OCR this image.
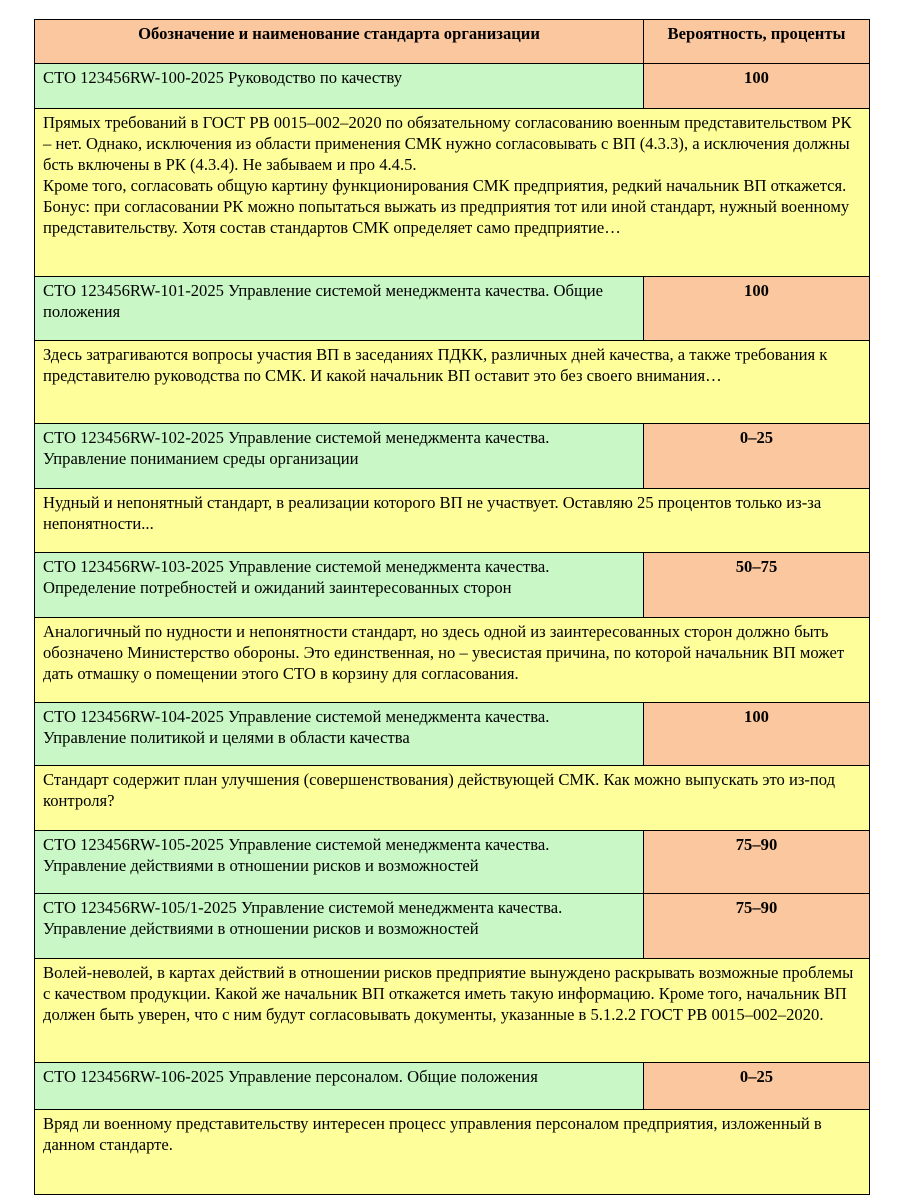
Обозначение и наименование стандарта организации	Вероятность, проценты
СТО 123456RW-100-2025 Руководство по качеству	100
Прямых требований в ГОСТ РВ 0015–002–2020 по обязательному согласованию военным представительством РК – нет. Однако, исключения из области применения СМК нужно согласовывать с ВП (4.3.3), а исключения должны бсть включены в РК (4.3.4). Не забываем и про 4.4.5.
Кроме того, согласовать общую картину функционирования СМК предприятия, редкий начальник ВП откажется. Бонус: при согласовании РК можно попытаться выжать из предприятия тот или иной стандарт, нужный военному представительству. Хотя состав стандартов СМК определяет само предприятие…	
СТО 123456RW-101-2025 Управление системой менеджмента качества. Общие положения	100
Здесь затрагиваются вопросы участия ВП в заседаниях ПДКК, различных дней качества, а также требования к представителю руководства по СМК. И какой начальник ВП оставит это без своего внимания…	
СТО 123456RW-102-2025 Управление системой менеджмента качества. Управление пониманием среды организации	0–25
Нудный и непонятный стандарт, в реализации которого ВП не участвует. Оставляю 25 процентов только из-за непонятности...	
СТО 123456RW-103-2025 Управление системой менеджмента качества. Определение потребностей и ожиданий заинтересованных сторон	50–75
Аналогичный по нудности и непонятности стандарт, но здесь одной из заинтересованных сторон должно быть обозначено Министерство обороны. Это единственная, но – увесистая причина, по которой начальник ВП может дать отмашку о помещении этого СТО в корзину для согласования.	
СТО 123456RW-104-2025 Управление системой менеджмента качества. Управление политикой и целями в области качества	100
Стандарт содержит план улучшения (совершенствования) действующей СМК. Как можно выпускать это из-под контроля?	
СТО 123456RW-105-2025 Управление системой менеджмента качества. Управление действиями в отношении рисков и возможностей	75–90
СТО 123456RW-105/1-2025 Управление системой менеджмента качества. Управление действиями в отношении рисков и возможностей	75–90
Волей-неволей, в картах действий в отношении рисков предприятие вынуждено раскрывать возможные проблемы с качеством продукции. Какой же начальник ВП откажется иметь такую информацию. Кроме того, начальник ВП должен быть уверен, что с ним будут согласовывать документы, указанные в 5.1.2.2 ГОСТ РВ 0015–002–2020.	
СТО 123456RW-106-2025 Управление персоналом. Общие положения	0–25
Вряд ли военному представительству интересен процесс управления персоналом предприятия, изложенный в данном стандарте.	
